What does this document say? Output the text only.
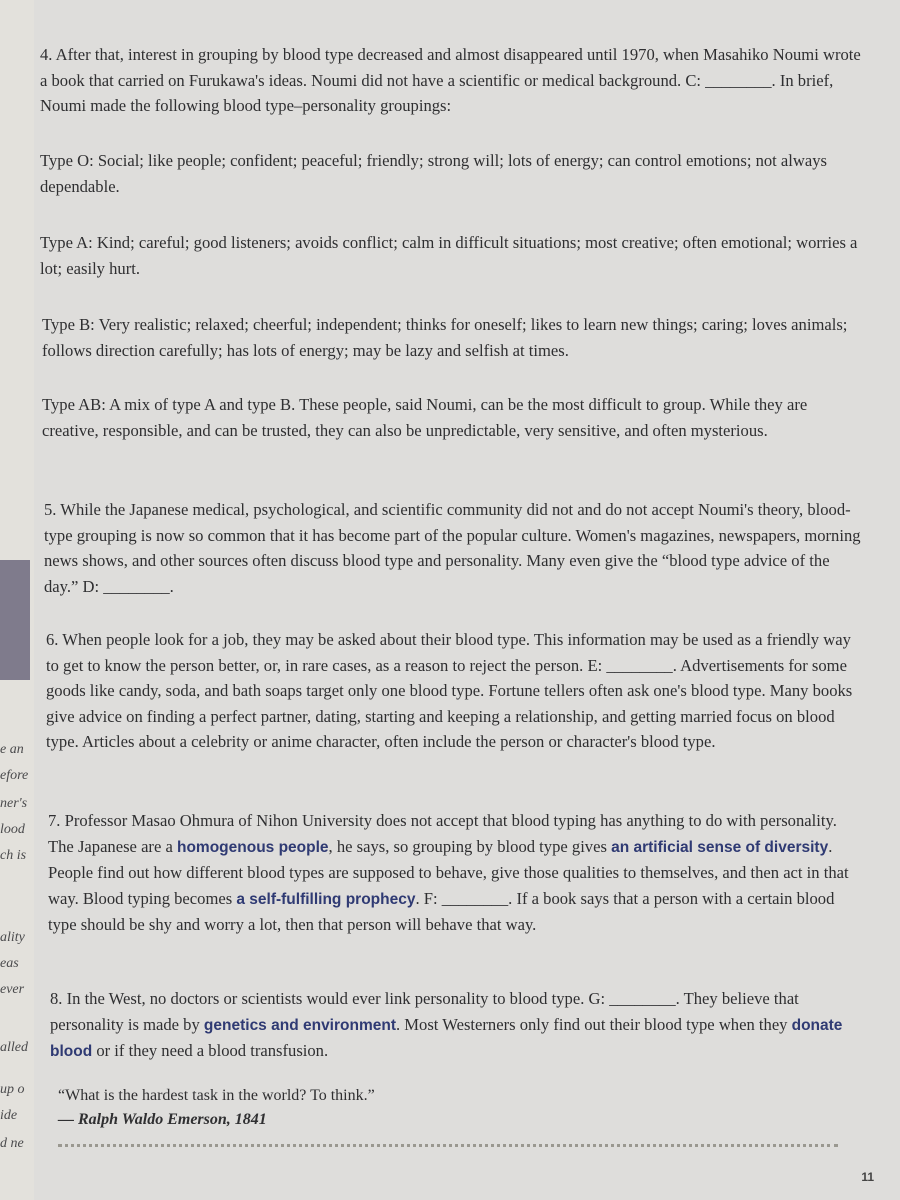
e an
efore
ner's
lood
ch is
ality
eas
ever
alled
up o
ide
d ne

4. After that, interest in grouping by blood type decreased and almost disappeared until 1970, when Masahiko Noumi wrote a book that carried on Furukawa's ideas. Noumi did not have a scientific or medical background. C: ________. In brief, Noumi made the following blood type–personality groupings:

Type O: Social; like people; confident; peaceful; friendly; strong will; lots of energy; can control emotions; not always dependable.

Type A: Kind; careful; good listeners; avoids conflict; calm in difficult situations; most creative; often emotional; worries a lot; easily hurt.

Type B: Very realistic; relaxed; cheerful; independent; thinks for oneself; likes to learn new things; caring; loves animals; follows direction carefully; has lots of energy; may be lazy and selfish at times.

Type AB: A mix of type A and type B. These people, said Noumi, can be the most difficult to group. While they are creative, responsible, and can be trusted, they can also be unpredictable, very sensitive, and often mysterious.

5. While the Japanese medical, psychological, and scientific community did not and do not accept Noumi's theory, blood-type grouping is now so common that it has become part of the popular culture. Women's magazines, newspapers, morning news shows, and other sources often discuss blood type and personality. Many even give the “blood type advice of the day.” D: ________.

6. When people look for a job, they may be asked about their blood type. This information may be used as a friendly way to get to know the person better, or, in rare cases, as a reason to reject the person. E: ________. Advertisements for some goods like candy, soda, and bath soaps target only one blood type. Fortune tellers often ask one's blood type. Many books give advice on finding a perfect partner, dating, starting and keeping a relationship, and getting married focus on blood type. Articles about a celebrity or anime character, often include the person or character's blood type.

7. Professor Masao Ohmura of Nihon University does not accept that blood typing has anything to do with personality. The Japanese are a homogenous people, he says, so grouping by blood type gives an artificial sense of diversity. People find out how different blood types are supposed to behave, give those qualities to themselves, and then act in that way. Blood typing becomes a self-fulfilling prophecy. F: ________. If a book says that a person with a certain blood type should be shy and worry a lot, then that person will behave that way.

8. In the West, no doctors or scientists would ever link personality to blood type. G: ________. They believe that personality is made by genetics and environment. Most Westerners only find out their blood type when they donate blood or if they need a blood transfusion.

“What is the hardest task in the world? To think.”
— Ralph Waldo Emerson, 1841
11
